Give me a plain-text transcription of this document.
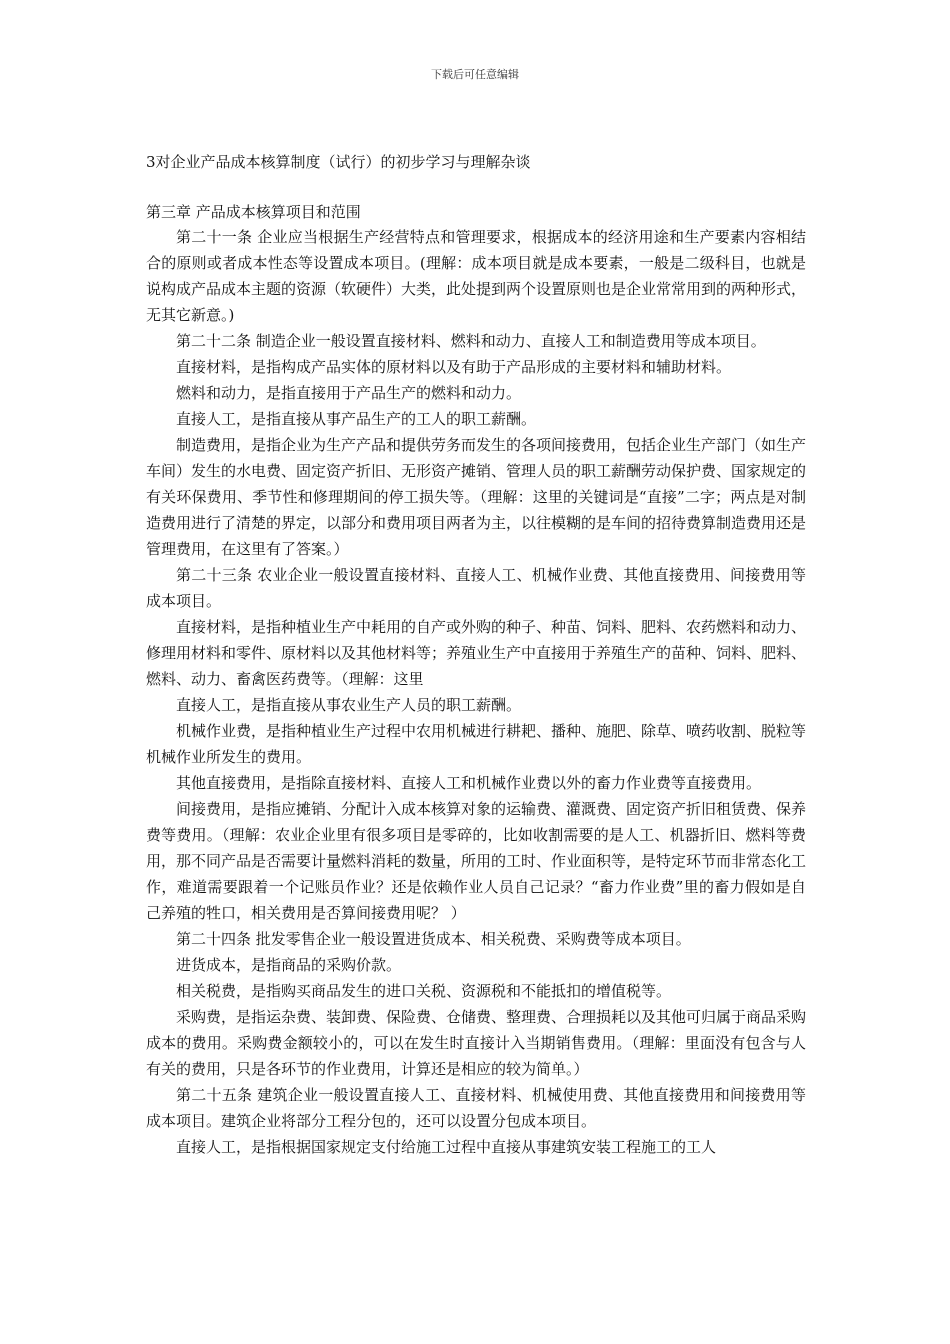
下载后可任意编辑
3对企业产品成本核算制度（试行）的初步学习与理解杂谈
第三章 产品成本核算项目和范围

第二十一条 企业应当根据生产经营特点和管理要求，根据成本的经济用途和生产要素内容相结合的原则或者成本性态等设置成本项目。(理解：成本项目就是成本要素，一般是二级科目，也就是说构成产品成本主题的资源（软硬件）大类，此处提到两个设置原则也是企业常常用到的两种形式，无其它新意。)

第二十二条 制造企业一般设置直接材料、燃料和动力、直接人工和制造费用等成本项目。

直接材料，是指构成产品实体的原材料以及有助于产品形成的主要材料和辅助材料。

燃料和动力，是指直接用于产品生产的燃料和动力。

直接人工，是指直接从事产品生产的工人的职工薪酬。

制造费用，是指企业为生产产品和提供劳务而发生的各项间接费用，包括企业生产部门（如生产车间）发生的水电费、固定资产折旧、无形资产摊销、管理人员的职工薪酬劳动保护费、国家规定的有关环保费用、季节性和修理期间的停工损失等。（理解：这里的关键词是“直接”二字；两点是对制造费用进行了清楚的界定，以部分和费用项目两者为主，以往模糊的是车间的招待费算制造费用还是管理费用，在这里有了答案。）

第二十三条 农业企业一般设置直接材料、直接人工、机械作业费、其他直接费用、间接费用等成本项目。

直接材料，是指种植业生产中耗用的自产或外购的种子、种苗、饲料、肥料、农药燃料和动力、修理用材料和零件、原材料以及其他材料等；养殖业生产中直接用于养殖生产的苗种、饲料、肥料、燃料、动力、畜禽医药费等。（理解：这里

直接人工，是指直接从事农业生产人员的职工薪酬。

机械作业费，是指种植业生产过程中农用机械进行耕耙、播种、施肥、除草、喷药收割、脱粒等机械作业所发生的费用。

其他直接费用，是指除直接材料、直接人工和机械作业费以外的畜力作业费等直接费用。

间接费用，是指应摊销、分配计入成本核算对象的运输费、灌溉费、固定资产折旧租赁费、保养费等费用。（理解：农业企业里有很多项目是零碎的，比如收割需要的是人工、机器折旧、燃料等费用，那不同产品是否需要计量燃料消耗的数量，所用的工时、作业面积等，是特定环节而非常态化工作，难道需要跟着一个记账员作业？还是依赖作业人员自己记录？“畜力作业费”里的畜力假如是自己养殖的牲口，相关费用是否算间接费用呢？ ）

第二十四条 批发零售企业一般设置进货成本、相关税费、采购费等成本项目。

进货成本，是指商品的采购价款。

相关税费，是指购买商品发生的进口关税、资源税和不能抵扣的增值税等。

采购费，是指运杂费、装卸费、保险费、仓储费、整理费、合理损耗以及其他可归属于商品采购成本的费用。采购费金额较小的，可以在发生时直接计入当期销售费用。（理解：里面没有包含与人有关的费用，只是各环节的作业费用，计算还是相应的较为简单。）

第二十五条 建筑企业一般设置直接人工、直接材料、机械使用费、其他直接费用和间接费用等成本项目。建筑企业将部分工程分包的，还可以设置分包成本项目。

直接人工，是指根据国家规定支付给施工过程中直接从事建筑安装工程施工的工人
